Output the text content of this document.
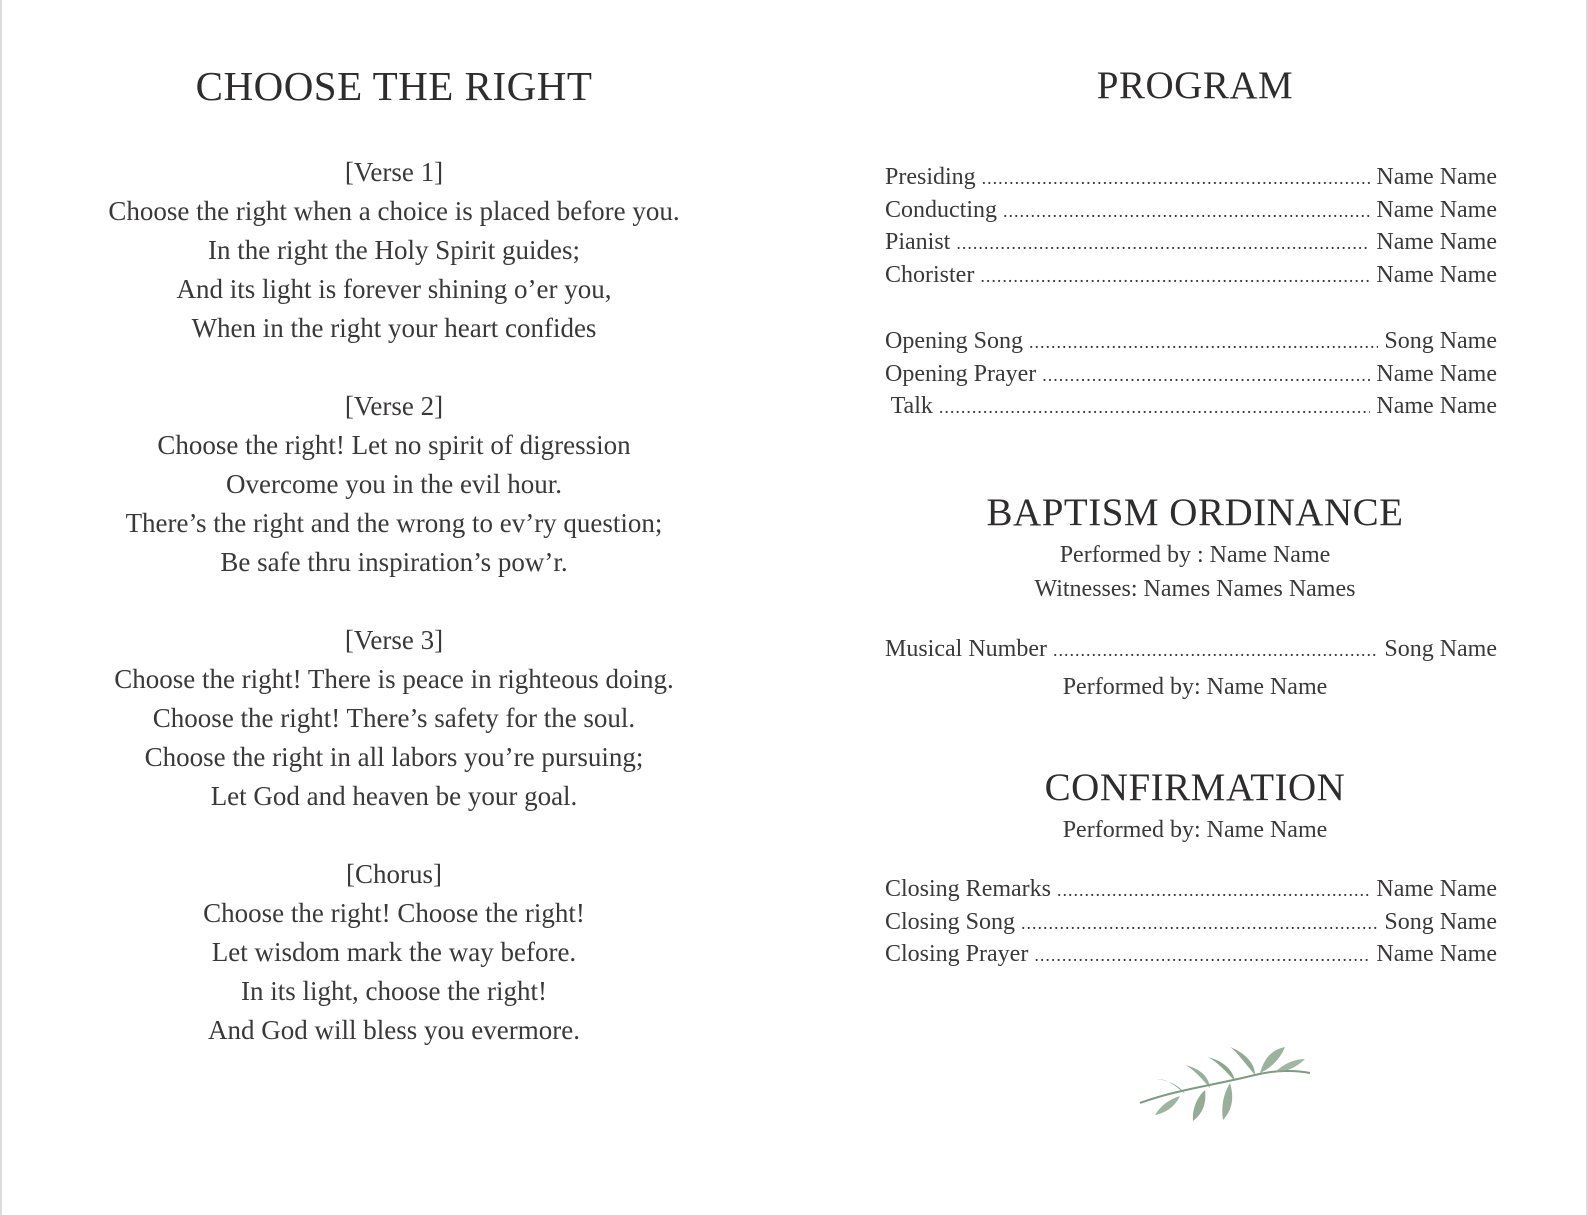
CHOOSE THE RIGHT
[Verse 1]
Choose the right when a choice is placed before you.
In the right the Holy Spirit guides;
And its light is forever shining o’er you,
When in the right your heart confides
[Verse 2]
Choose the right! Let no spirit of digression
Overcome you in the evil hour.
There’s the right and the wrong to ev’ry question;
Be safe thru inspiration’s pow’r.
[Verse 3]
Choose the right! There is peace in righteous doing.
Choose the right! There’s safety for the soul.
Choose the right in all labors you’re pursuing;
Let God and heaven be your goal.
[Chorus]
Choose the right! Choose the right!
Let wisdom mark the way before.
In its light, choose the right!
And God will bless you evermore.
PROGRAM
Presiding .....	Name Name
Conducting .....	Name Name
Pianist .....	Name Name
Chorister .....	Name Name
Opening Song .....	Song Name
Opening Prayer .....	Name Name
Talk .....	Name Name
BAPTISM ORDINANCE
Performed by : Name Name
Witnesses: Names Names Names
Musical Number .....	Song Name
Performed by: Name Name
CONFIRMATION
Performed by: Name Name
Closing Remarks .....	Name Name
Closing Song .....	Song Name
Closing Prayer .....	Name Name
